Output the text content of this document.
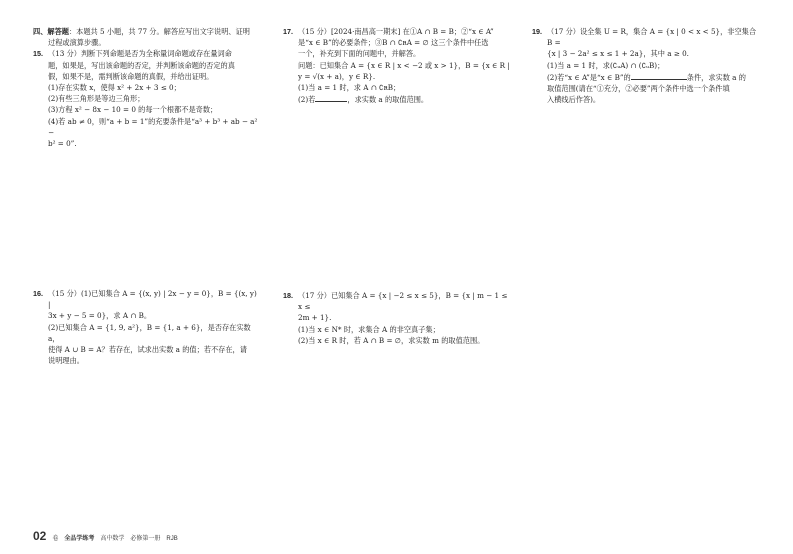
四、解答题 ：本题共 5 小题，共 77 分。解答应写出文字说明、证明

过程或演算步骤。

15. （13 分）判断下列命题是否为全称量词命题或存在量词命

题，如果是，写出该命题的否定，并判断该命题的否定的真

假，如果不是，需判断该命题的真假，并给出证明。

(1)存在实数 x，使得 x² + 2x + 3 ≤ 0；

(2)有些三角形是等边三角形；

(3)方程 x² − 8x − 10 = 0 的每一个根都不是奇数；

(4)若 ab ≠ 0，则“a + b = 1”的充要条件是“a³ + b³ + ab − a² −

b² = 0”.

17. （15 分）[2024·南昌高一期末] 在①A ∩ B = B；②“x ∈ A”

是“x ∈ B”的必要条件；③B ∩ ∁ʀA = ∅ 这三个条件中任选

一个，补充到下面的问题中，并解答。

问题：已知集合 A = {x ∈ R | x < −2 或 x > 1}，B = {x ∈ R |

y = √(x + a)，y ∈ R}.

(1)当 a = 1 时，求 A ∩ ∁ʀB；

(2)若	，求实数 a 的取值范围。

19. （17 分）设全集 U = R，集合 A = {x | 0 < x < 5}，非空集合 B =

{x | 3 − 2a² ≤ x ≤ 1 + 2a}，其中 a ≥ 0.

(1)当 a = 1 时，求(∁ᵤA) ∩ (∁ᵤB)；

(2)若“x ∈ A”是“x ∈ B”的	条件，求实数 a 的

取值范围(请在“①充分，②必要”两个条件中选一个条件填

入横线后作答)。

16. （15 分）(1)已知集合 A = {(x, y) | 2x − y = 0}，B = {(x, y) |

3x + y − 5 = 0}，求 A ∩ B。

(2)已知集合 A = {1, 9, a²}，B = {1, a + 6}，是否存在实数 a，

使得 A ∪ B = A？若存在，试求出实数 a 的值；若不存在，请

说明理由。

18. （17 分）已知集合 A = {x | −2 ≤ x ≤ 5}，B = {x | m − 1 ≤ x ≤

2m + 1}.

(1)当 x ∈ N* 时，求集合 A 的非空真子集；

(2)当 x ∈ R 时，若 A ∩ B = ∅，求实数 m 的取值范围。

02 卷 全品学练考 高中数学 必修第一册 RJB
